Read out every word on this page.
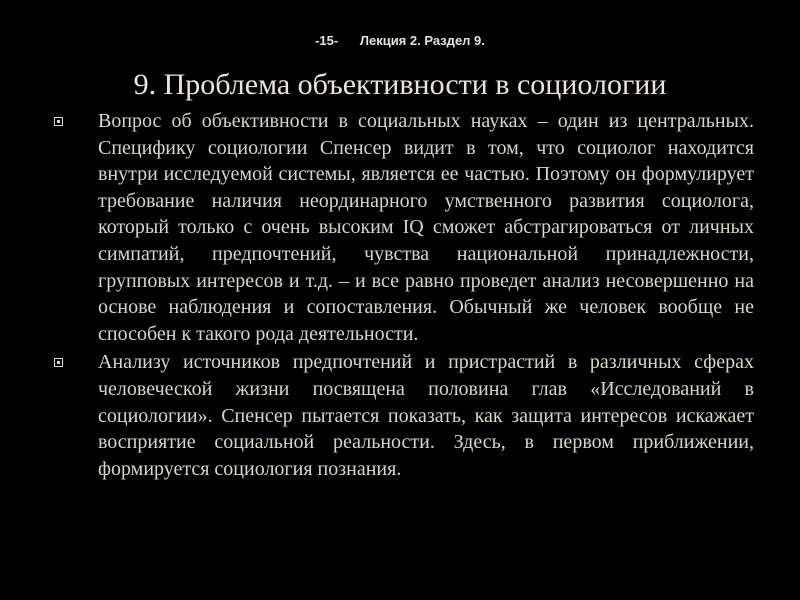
-15- Лекция 2. Раздел 9.
9. Проблема объективности в социологии
Вопрос об объективности в социальных науках – один из центральных. Специфику социологии Спенсер видит в том, что социолог находится внутри исследуемой системы, является ее частью. Поэтому он формулирует требование наличия неординарного умственного развития социолога, который только с очень высоким IQ сможет абстрагироваться от личных симпатий, предпочтений, чувства национальной принадлежности, групповых интересов и т.д. – и все равно проведет анализ несовершенно на основе наблюдения и сопоставления. Обычный же человек вообще не способен к такого рода деятельности.
Анализу источников предпочтений и пристрастий в различных сферах человеческой жизни посвящена половина глав «Исследований в социологии». Спенсер пытается показать, как защита интересов искажает восприятие социальной реальности. Здесь, в первом приближении, формируется социология познания.
